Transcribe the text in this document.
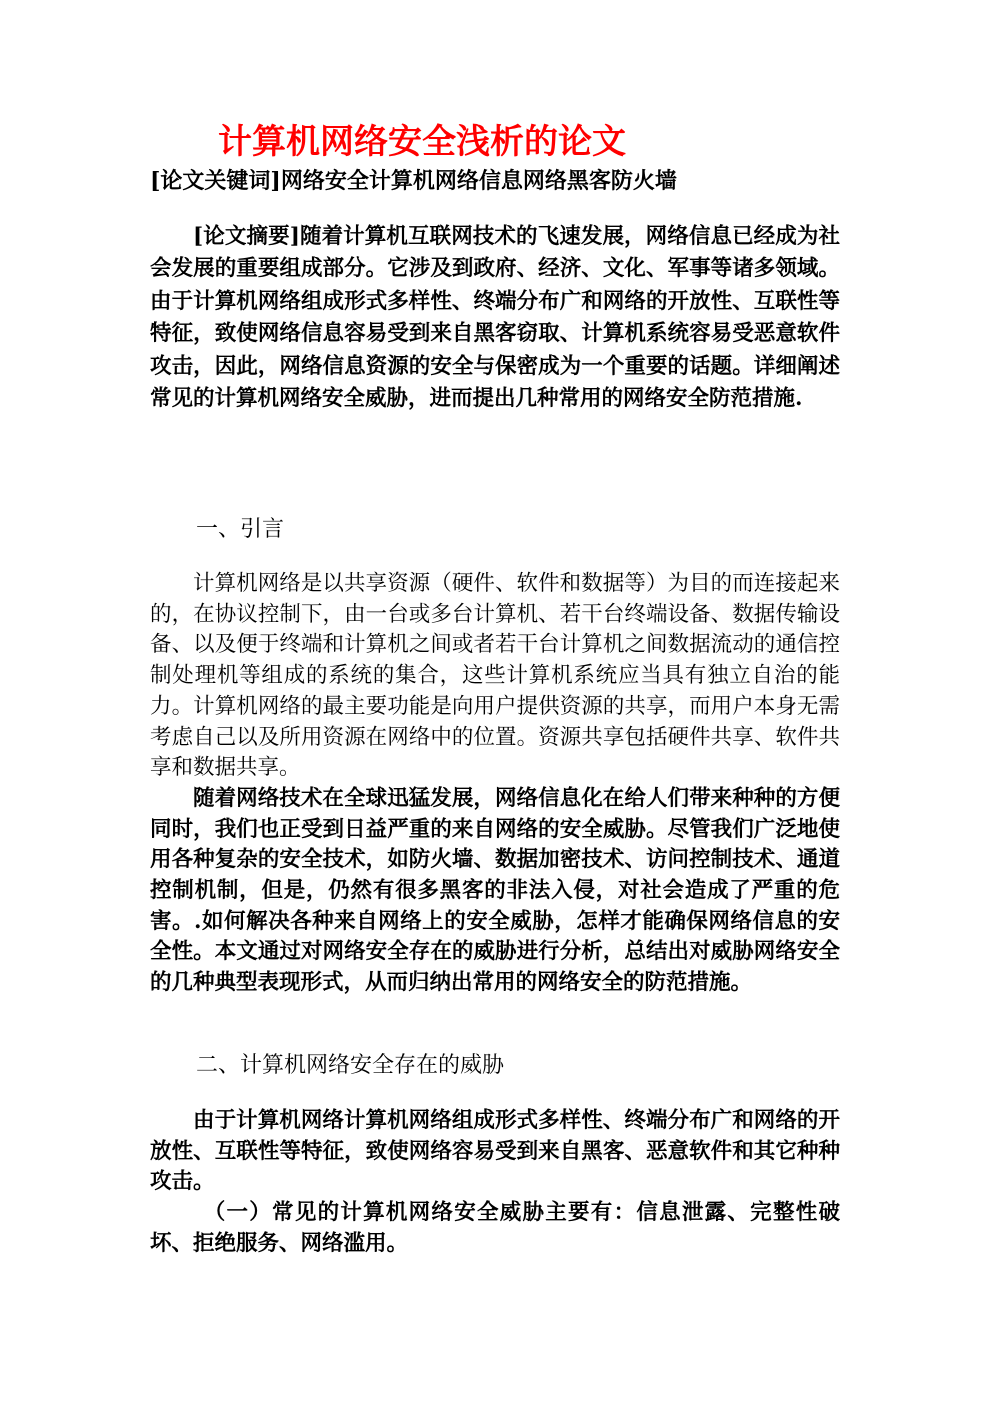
计算机网络安全浅析的论文
[论文关键词]网络安全计算机网络信息网络黑客防火墙

[论文摘要]随着计算机互联网技术的飞速发展，网络信息已经成为社会发展的重要组成部分。它涉及到政府、经济、文化、军事等诸多领域。由于计算机网络组成形式多样性、终端分布广和网络的开放性、互联性等特征，致使网络信息容易受到来自黑客窃取、计算机系统容易受恶意软件攻击，因此，网络信息资源的安全与保密成为一个重要的话题。详细阐述常见的计算机网络安全威胁，进而提出几种常用的网络安全防范措施.

一、引言

计算机网络是以共享资源（硬件、软件和数据等）为目的而连接起来的，在协议控制下，由一台或多台计算机、若干台终端设备、数据传输设备、以及便于终端和计算机之间或者若干台计算机之间数据流动的通信控制处理机等组成的系统的集合，这些计算机系统应当具有独立自治的能力。计算机网络的最主要功能是向用户提供资源的共享，而用户本身无需考虑自己以及所用资源在网络中的位置。资源共享包括硬件共享、软件共享和数据共享。

随着网络技术在全球迅猛发展，网络信息化在给人们带来种种的方便同时，我们也正受到日益严重的来自网络的安全威胁。尽管我们广泛地使用各种复杂的安全技术，如防火墙、数据加密技术、访问控制技术、通道控制机制，但是，仍然有很多黑客的非法入侵，对社会造成了严重的危害。.如何解决各种来自网络上的安全威胁，怎样才能确保网络信息的安全性。本文通过对网络安全存在的威胁进行分析，总结出对威胁网络安全的几种典型表现形式，从而归纳出常用的网络安全的防范措施。

二、计算机网络安全存在的威胁

由于计算机网络计算机网络组成形式多样性、终端分布广和网络的开放性、互联性等特征，致使网络容易受到来自黑客、恶意软件和其它种种攻击。

（一）常见的计算机网络安全威胁主要有：信息泄露、完整性破坏、拒绝服务、网络滥用。
